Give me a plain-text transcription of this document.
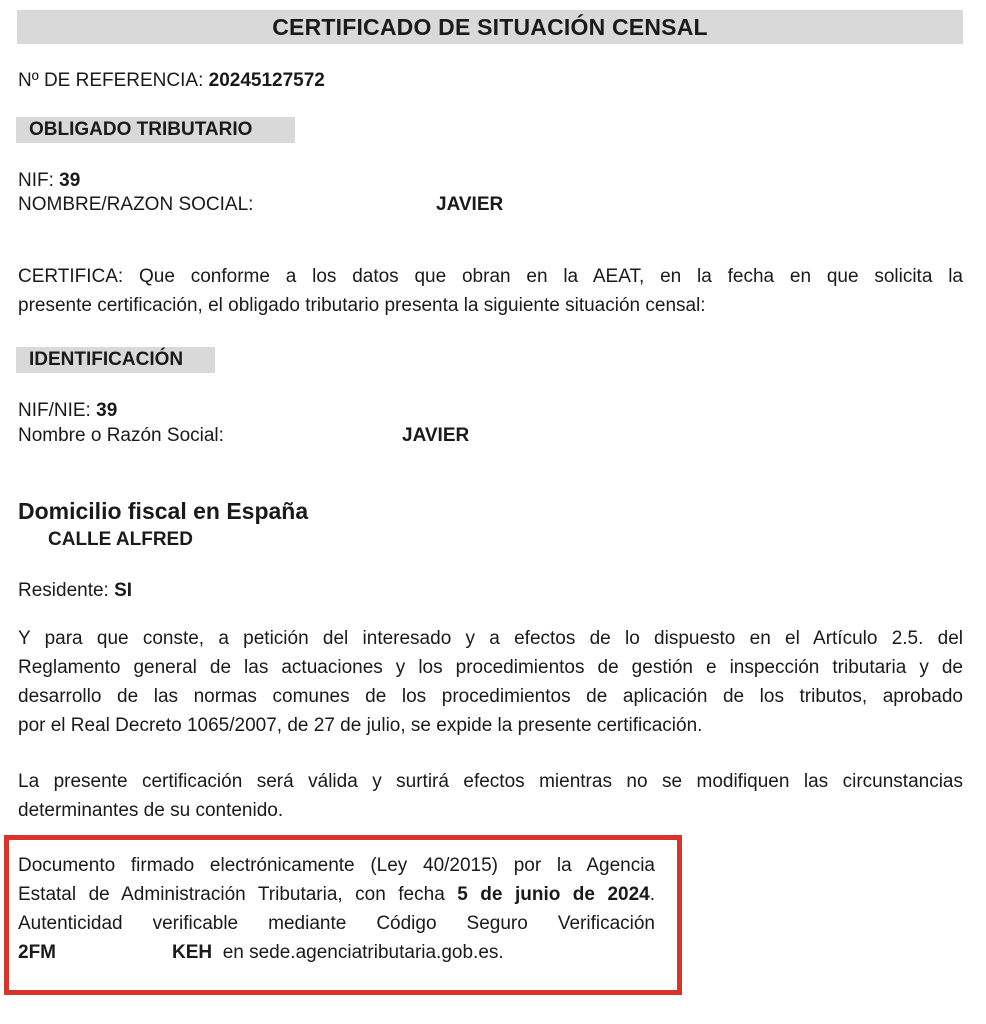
CERTIFICADO DE SITUACIÓN CENSAL
Nº DE REFERENCIA: 20245127572
OBLIGADO TRIBUTARIO
NIF: 39
NOMBRE/RAZON SOCIAL:	JAVIER
CERTIFICA: Que conforme a los datos que obran en la AEAT, en la fecha en que solicita la
presente certificación, el obligado tributario presenta la siguiente situación censal:
IDENTIFICACIÓN
NIF/NIE: 39
Nombre o Razón Social:	JAVIER
Domicilio fiscal en España
CALLE ALFRED
Residente: SI
Y para que conste, a petición del interesado y a efectos de lo dispuesto en el Artículo 2.5. del
Reglamento general de las actuaciones y los procedimientos de gestión e inspección tributaria y de
desarrollo de las normas comunes de los procedimientos de aplicación de los tributos, aprobado
por el Real Decreto 1065/2007, de 27 de julio, se expide la presente certificación.
La presente certificación será válida y surtirá efectos mientras no se modifiquen las circunstancias
determinantes de su contenido.
Documento firmado electrónicamente (Ley 40/2015) por la Agencia
Estatal de Administración Tributaria, con fecha 5 de junio de 2024.
Autenticidad verificable mediante Código Seguro Verificación
2FM	KEH en sede.agenciatributaria.gob.es.
